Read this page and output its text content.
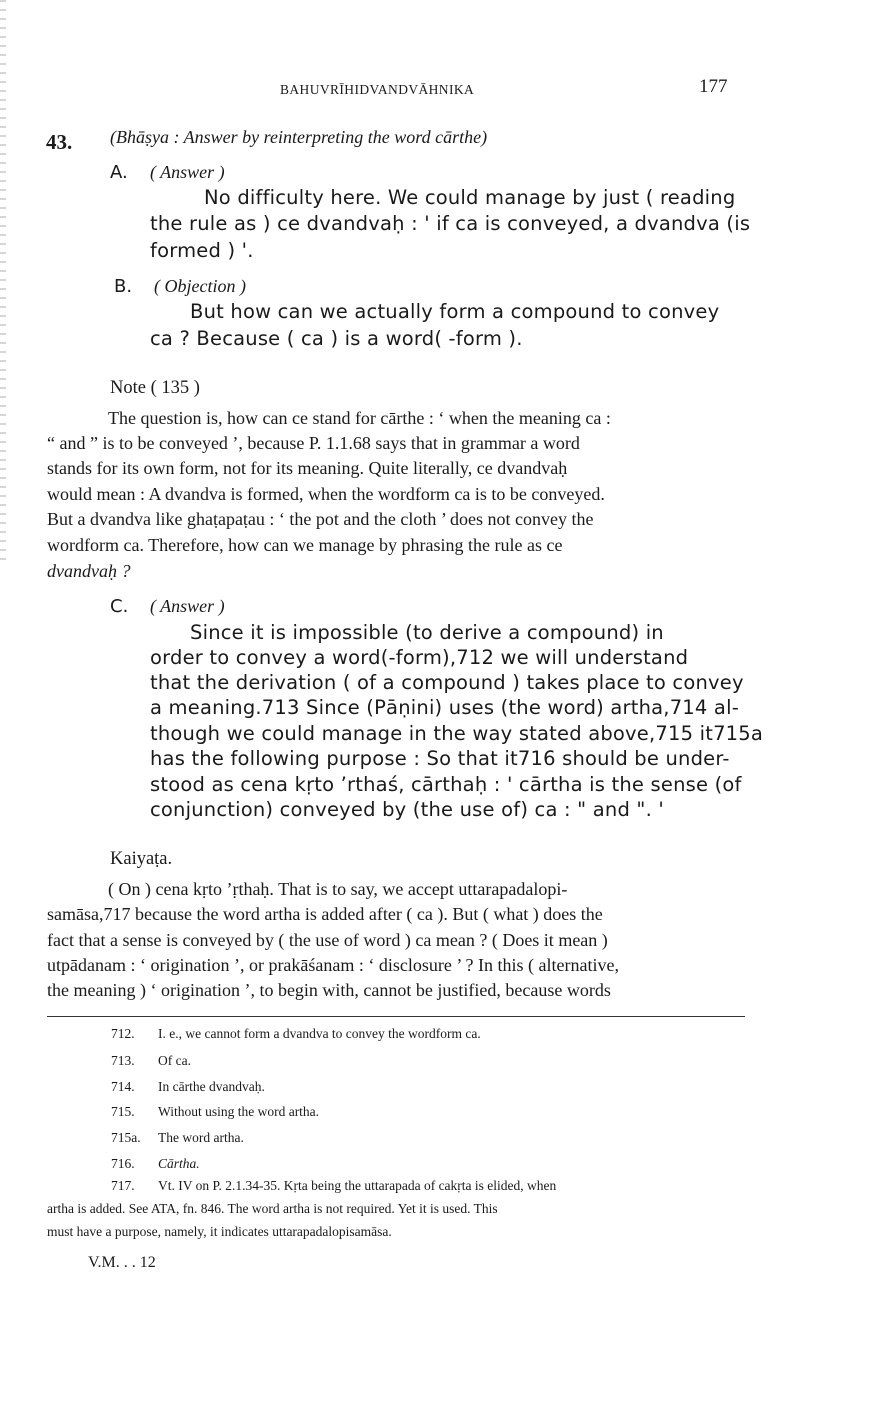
BAHUVRĪHIDVANDVĀHNIKA	177
43. (Bhāṣya : Answer by reinterpreting the word cārthe)
A. ( Answer )
No difficulty here. We could manage by just ( reading
the rule as ) ce dvandvaḥ : ' if ca is conveyed, a dvandva (is
formed ) '.
B. ( Objection )
But how can we actually form a compound to convey
ca ? Because ( ca ) is a word( -form ).
Note ( 135 )
The question is, how can ce stand for cārthe : ‘ when the meaning ca :
“ and ” is to be conveyed ’, because P. 1.1.68 says that in grammar a word
stands for its own form, not for its meaning. Quite literally, ce dvandvaḥ
would mean : A dvandva is formed, when the wordform ca is to be conveyed.
But a dvandva like ghaṭapaṭau : ‘ the pot and the cloth ’ does not convey the
wordform ca. Therefore, how can we manage by phrasing the rule as ce
dvandvaḥ ?
C. ( Answer )
Since it is impossible (to derive a compound) in
order to convey a word(-form),712 we will understand
that the derivation ( of a compound ) takes place to convey
a meaning.713 Since (Pāṇini) uses (the word) artha,714 al-
though we could manage in the way stated above,715 it715a
has the following purpose : So that it716 should be under-
stood as cena kṛto ’rthaś, cārthaḥ : ' cārtha is the sense (of
conjunction) conveyed by (the use of) ca : " and ". '
Kaiyaṭa.
( On ) cena kṛto ’ṛthaḥ. That is to say, we accept uttarapadalopi-
samāsa,717 because the word artha is added after ( ca ). But ( what ) does the
fact that a sense is conveyed by ( the use of word ) ca mean ? ( Does it mean )
utpādanam : ‘ origination ’, or prakāśanam : ‘ disclosure ’ ? In this ( alternative,
the meaning ) ‘ origination ’, to begin with, cannot be justified, because words
712. I. e., we cannot form a dvandva to convey the wordform ca.
713. Of ca.
714. In cārthe dvandvaḥ.
715. Without using the word artha.
715a. The word artha.
716. Cārtha.
717. Vt. IV on P. 2.1.34-35. Kṛta being the uttarapada of cakṛta is elided, when
artha is added. See ATA, fn. 846. The word artha is not required. Yet it is used. This
must have a purpose, namely, it indicates uttarapadalopisamāsa.
V.M. . . 12
